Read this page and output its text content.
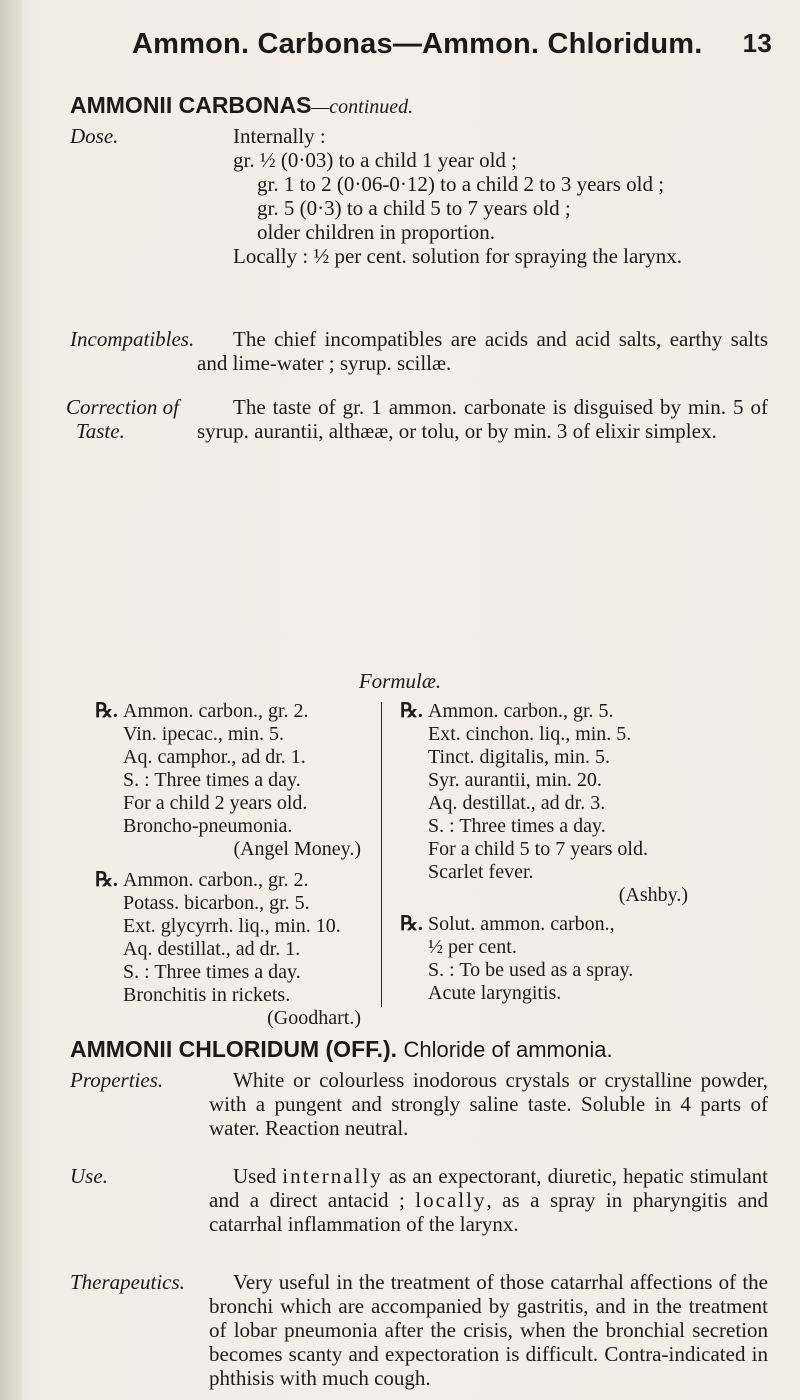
Ammon. Carbonas—Ammon. Chloridum. 13
AMMONII CARBONAS—continued.
Dose.	Internally :

gr. ½ (0·03) to a child 1 year old ;

gr. 1 to 2 (0·06-0·12) to a child 2 to 3 years old ;

gr. 5 (0·3) to a child 5 to 7 years old ;

older children in proportion.

Locally : ½ per cent. solution for spraying the larynx.

Incompatibles.	The chief incompatibles are acids and acid salts, earthy salts and lime-water ; syrup. scillæ.

Correction of
Taste.

The taste of gr. 1 ammon. carbonate is disguised by min. 5 of syrup. aurantii, althææ, or tolu, or by min. 3 of elixir simplex.

Formulæ.
℞. Ammon. carbon., gr. 2.
Vin. ipecac., min. 5.
Aq. camphor., ad dr. 1.
S. : Three times a day.
For a child 2 years old.
Broncho-pneumonia.
(Angel Money.)
℞. Ammon. carbon., gr. 2.
Potass. bicarbon., gr. 5.
Ext. glycyrrh. liq., min. 10.
Aq. destillat., ad dr. 1.
S. : Three times a day.
Bronchitis in rickets.
(Goodhart.)
℞. Ammon. carbon., gr. 5.
Ext. cinchon. liq., min. 5.
Tinct. digitalis, min. 5.
Syr. aurantii, min. 20.
Aq. destillat., ad dr. 3.
S. : Three times a day.
For a child 5 to 7 years old.
Scarlet fever.
(Ashby.)
℞. Solut. ammon. carbon.,
½ per cent.
S. : To be used as a spray.
Acute laryngitis.
AMMONII CHLORIDUM (OFF.). Chloride of ammonia.
Properties.	White or colourless inodorous crystals or crystalline powder, with a pungent and strongly saline taste. Soluble in 4 parts of water. Reaction neutral.

Use.	Used internally as an expectorant, diuretic, hepatic stimulant and a direct antacid ; locally, as a spray in pharyngitis and catarrhal inflammation of the larynx.

Therapeutics.	Very useful in the treatment of those catarrhal affections of the bronchi which are accompanied by gastritis, and in the treatment of lobar pneumonia after the crisis, when the bronchial secretion becomes scanty and expectoration is difficult. Contra-indicated in phthisis with much cough.
